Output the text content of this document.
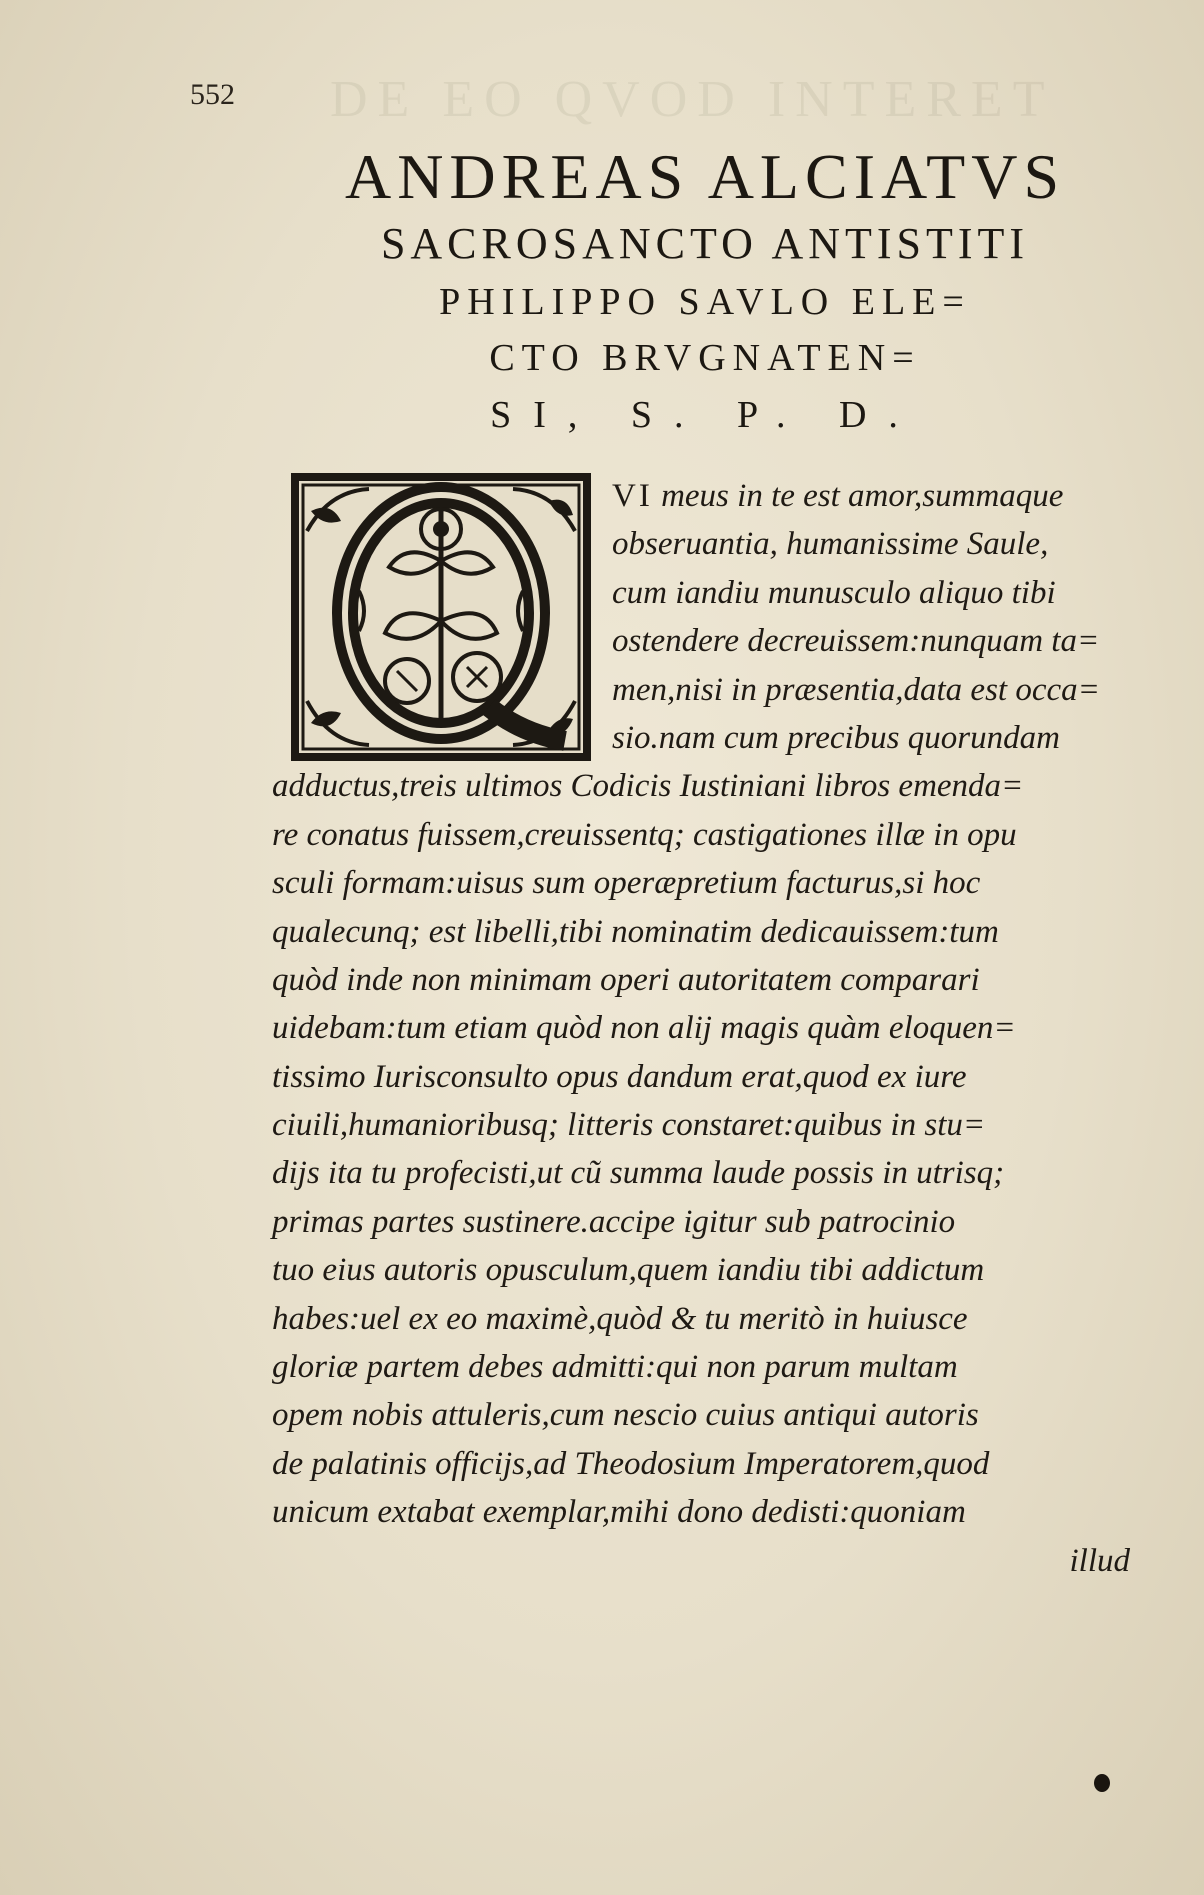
DE EO QVOD INTERET
552
ANDREAS ALCIATVS
SACROSANCTO ANTISTITI
PHILIPPO SAVLO ELE=
CTO BRVGNATEN=
SI, S. P. D.
VI meus in te est amor,summaque
obseruantia, humanissime Saule,
cum iandiu munusculo aliquo tibi
ostendere decreuissem:nunquam ta=
men,nisi in præsentia,data est occa=
sio.nam cum precibus quorundam
adductus,treis ultimos Codicis Iustiniani libros emenda=
re conatus fuissem,creuissentq; castigationes illæ in opu
sculi formam:uisus sum operæpretium facturus,si hoc
qualecunq; est libelli,tibi nominatim dedicauissem:tum
quòd inde non minimam operi autoritatem comparari
uidebam:tum etiam quòd non alij magis quàm eloquen=
tissimo Iurisconsulto opus dandum erat,quod ex iure
ciuili,humanioribusq; litteris constaret:quibus in stu=
dijs ita tu profecisti,ut cũ summa laude possis in utrisq;
primas partes sustinere.accipe igitur sub patrocinio
tuo eius autoris opusculum,quem iandiu tibi addictum
habes:uel ex eo maximè,quòd & tu meritò in huiusce
gloriæ partem debes admitti:qui non parum multam
opem nobis attuleris,cum nescio cuius antiqui autoris
de palatinis officijs,ad Theodosium Imperatorem,quod
unicum extabat exemplar,mihi dono dedisti:quoniam
illud
